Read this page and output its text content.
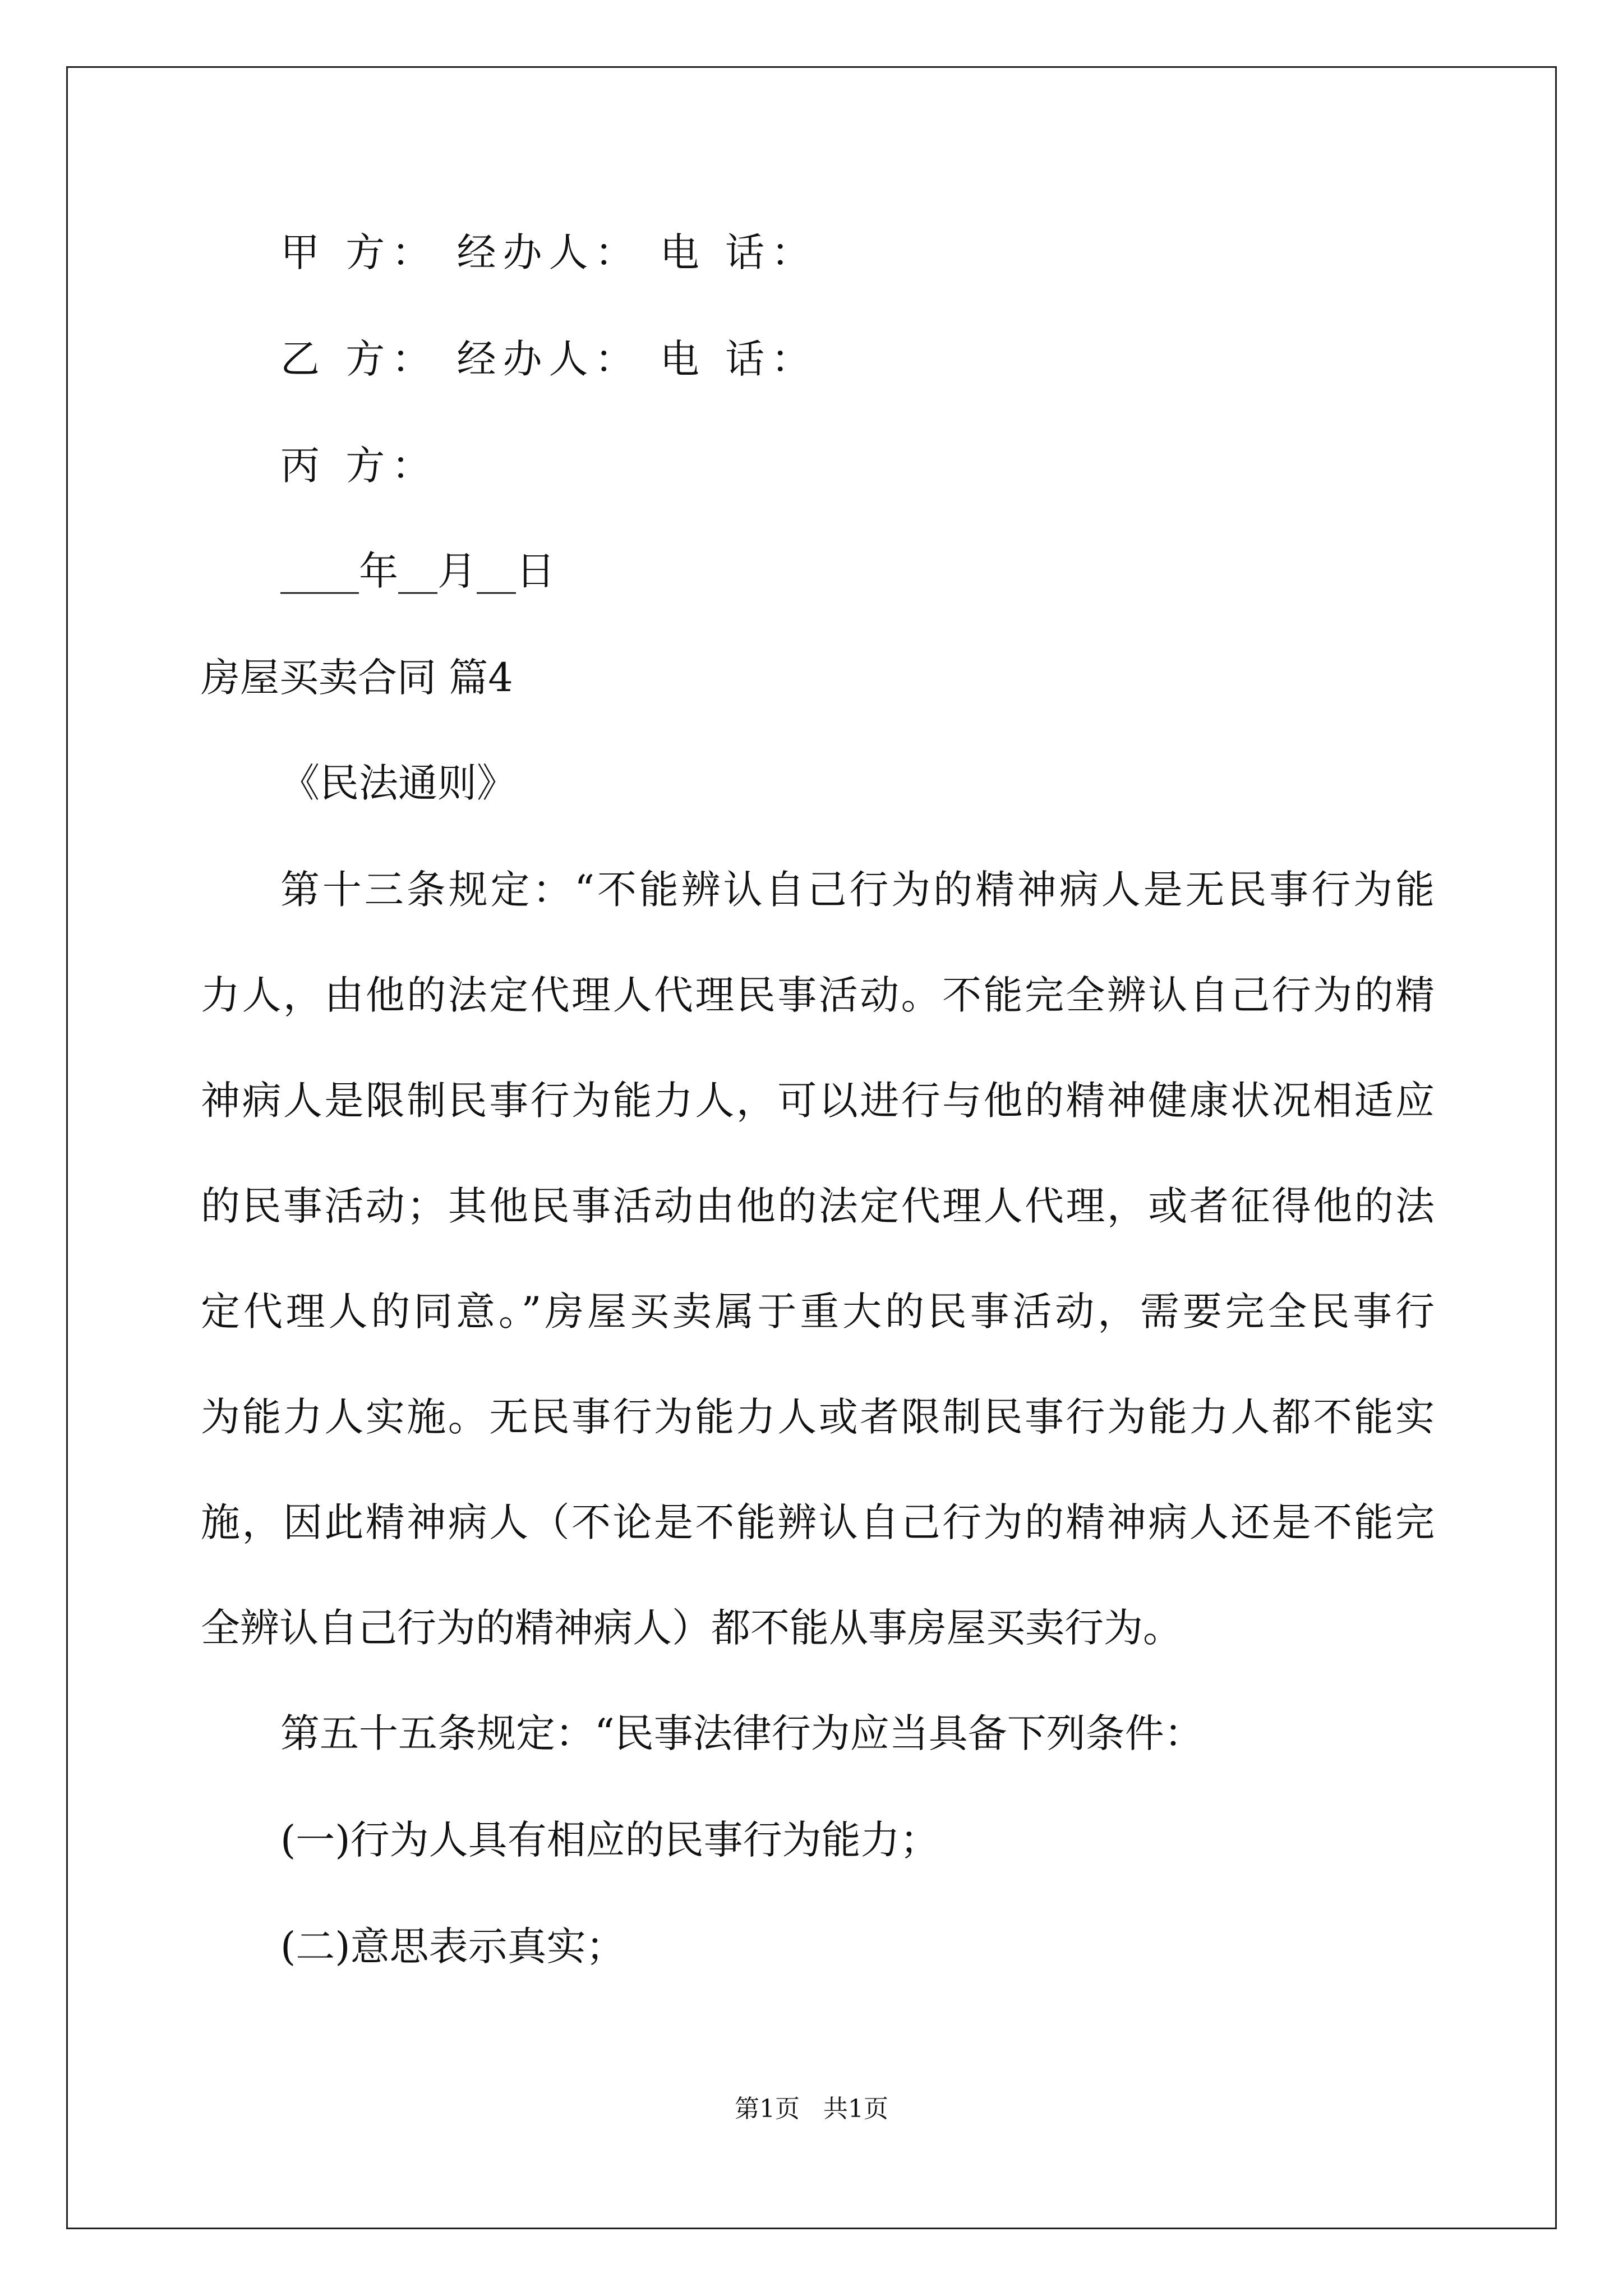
甲 方： 经办人： 电 话：
乙 方： 经办人： 电 话：
丙 方：
____年__月__日
房屋买卖合同 篇4
《民法通则》
第十三条规定：“不能辨认自己行为的精神病人是无民事行为能
力人，由他的法定代理人代理民事活动。不能完全辨认自己行为的精
神病人是限制民事行为能力人，可以进行与他的精神健康状况相适应
的民事活动；其他民事活动由他的法定代理人代理，或者征得他的法
定代理人的同意。”房屋买卖属于重大的民事活动，需要完全民事行
为能力人实施。无民事行为能力人或者限制民事行为能力人都不能实
施，因此精神病人（不论是不能辨认自己行为的精神病人还是不能完
全辨认自己行为的精神病人）都不能从事房屋买卖行为。
第五十五条规定：“民事法律行为应当具备下列条件：
(一)行为人具有相应的民事行为能力；
(二)意思表示真实；
第1页   共1页
